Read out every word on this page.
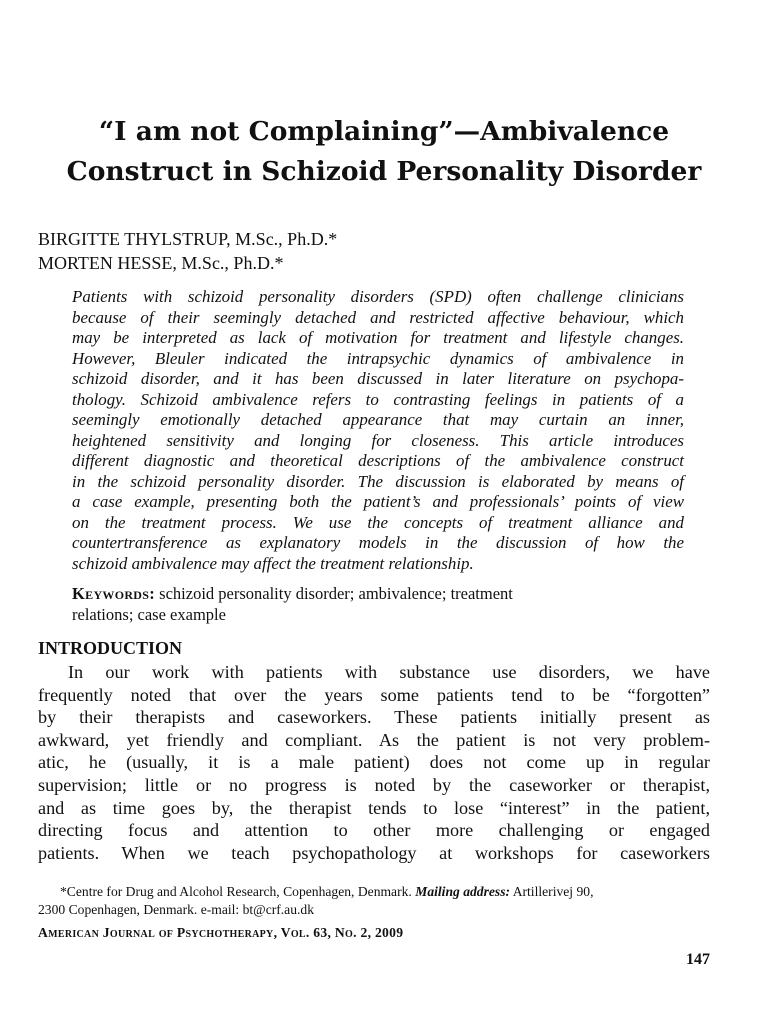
“I am not Complaining”—Ambivalence
Construct in Schizoid Personality Disorder
BIRGITTE THYLSTRUP, M.Sc., Ph.D.*
MORTEN HESSE, M.Sc., Ph.D.*
Patients with schizoid personality disorders (SPD) often challenge clinicians
because of their seemingly detached and restricted affective behaviour, which
may be interpreted as lack of motivation for treatment and lifestyle changes.
However, Bleuler indicated the intrapsychic dynamics of ambivalence in
schizoid disorder, and it has been discussed in later literature on psychopa-
thology. Schizoid ambivalence refers to contrasting feelings in patients of a
seemingly emotionally detached appearance that may curtain an inner,
heightened sensitivity and longing for closeness. This article introduces
different diagnostic and theoretical descriptions of the ambivalence construct
in the schizoid personality disorder. The discussion is elaborated by means of
a case example, presenting both the patient’s and professionals’ points of view
on the treatment process. We use the concepts of treatment alliance and
countertransference as explanatory models in the discussion of how the
schizoid ambivalence may affect the treatment relationship.
Keywords: schizoid personality disorder; ambivalence; treatment
relations; case example
INTRODUCTION
In our work with patients with substance use disorders, we have
frequently noted that over the years some patients tend to be “forgotten”
by their therapists and caseworkers. These patients initially present as
awkward, yet friendly and compliant. As the patient is not very problem-
atic, he (usually, it is a male patient) does not come up in regular
supervision; little or no progress is noted by the caseworker or therapist,
and as time goes by, the therapist tends to lose “interest” in the patient,
directing focus and attention to other more challenging or engaged
patients. When we teach psychopathology at workshops for caseworkers
*Centre for Drug and Alcohol Research, Copenhagen, Denmark. Mailing address: Artillerivej 90,
2300 Copenhagen, Denmark. e-mail: bt@crf.au.dk
American Journal of Psychotherapy, Vol. 63, No. 2, 2009
147
